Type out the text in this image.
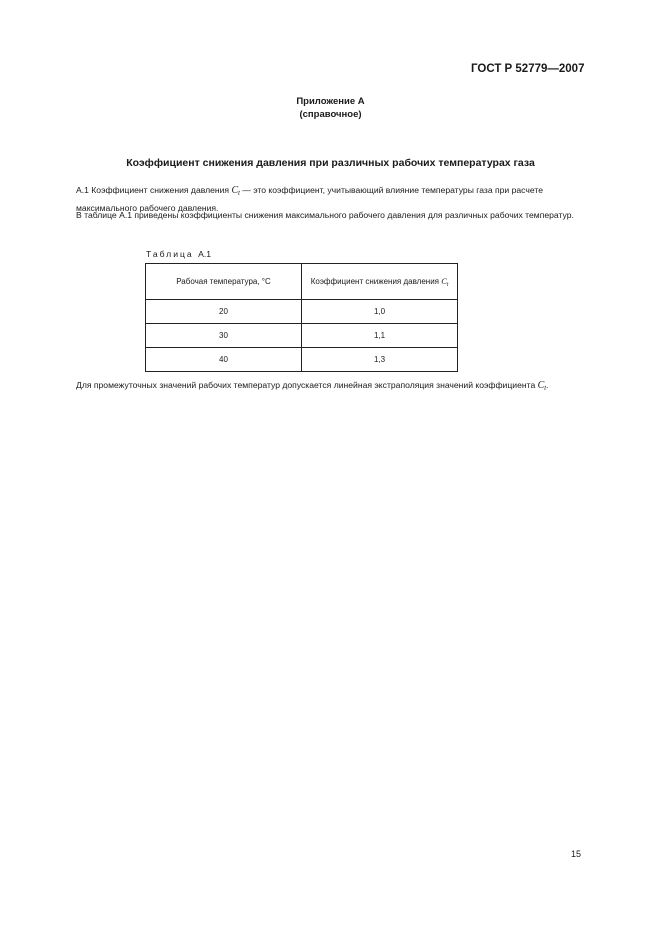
ГОСТ Р 52779—2007
Приложение А
(справочное)
Коэффициент снижения давления при различных рабочих температурах газа
А.1 Коэффициент снижения давления $C_t$ — это коэффициент, учитывающий влияние температуры газа при расчете максимального рабочего давления.
В таблице А.1 приведены коэффициенты снижения максимального рабочего давления для различных рабочих температур.
Таблица А.1
Рабочая температура, °С	Коэффициент снижения давления $C_t$
20	1,0
30	1,1
40	1,3
Для промежуточных значений рабочих температур допускается линейная экстраполяция значений коэффициента $C_t$.
15
